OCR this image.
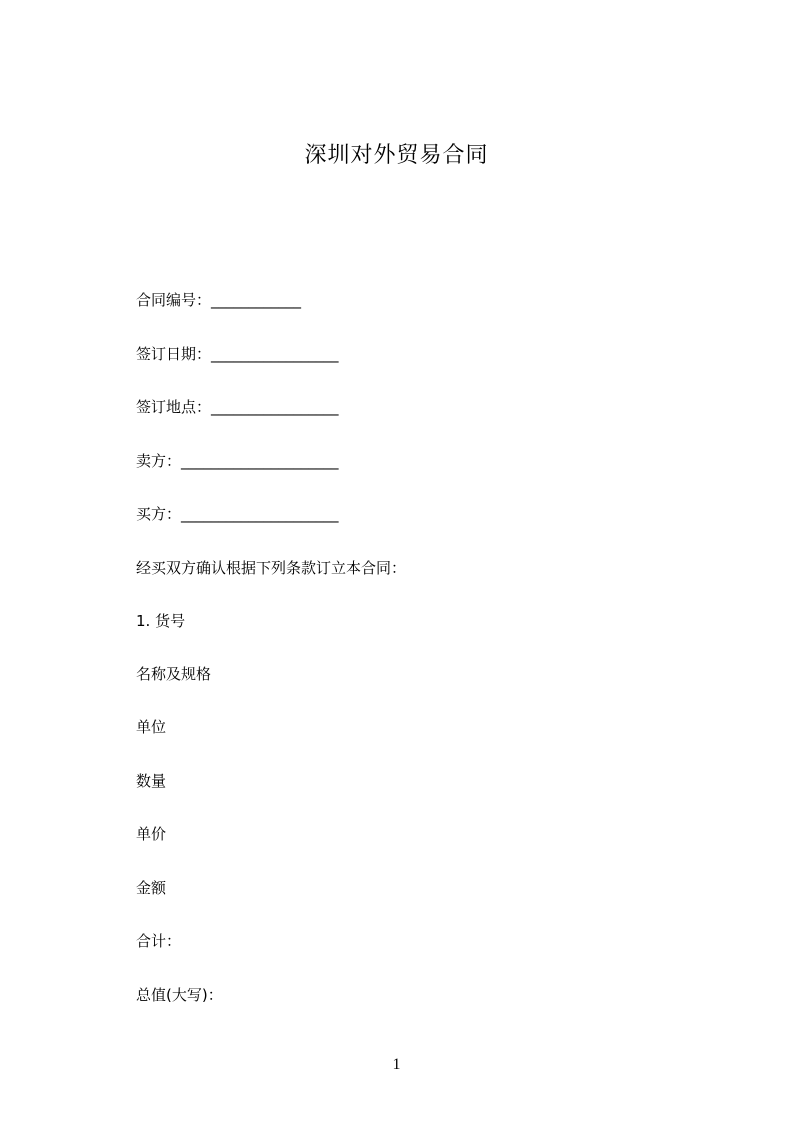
深圳对外贸易合同
合同编号：____________
签订日期：_________________
签订地点：_________________
卖方：_____________________
买方：_____________________
经买双方确认根据下列条款订立本合同：
1. 货号
名称及规格
单位
数量
单价
金额
合计：
总值(大写)：
1
